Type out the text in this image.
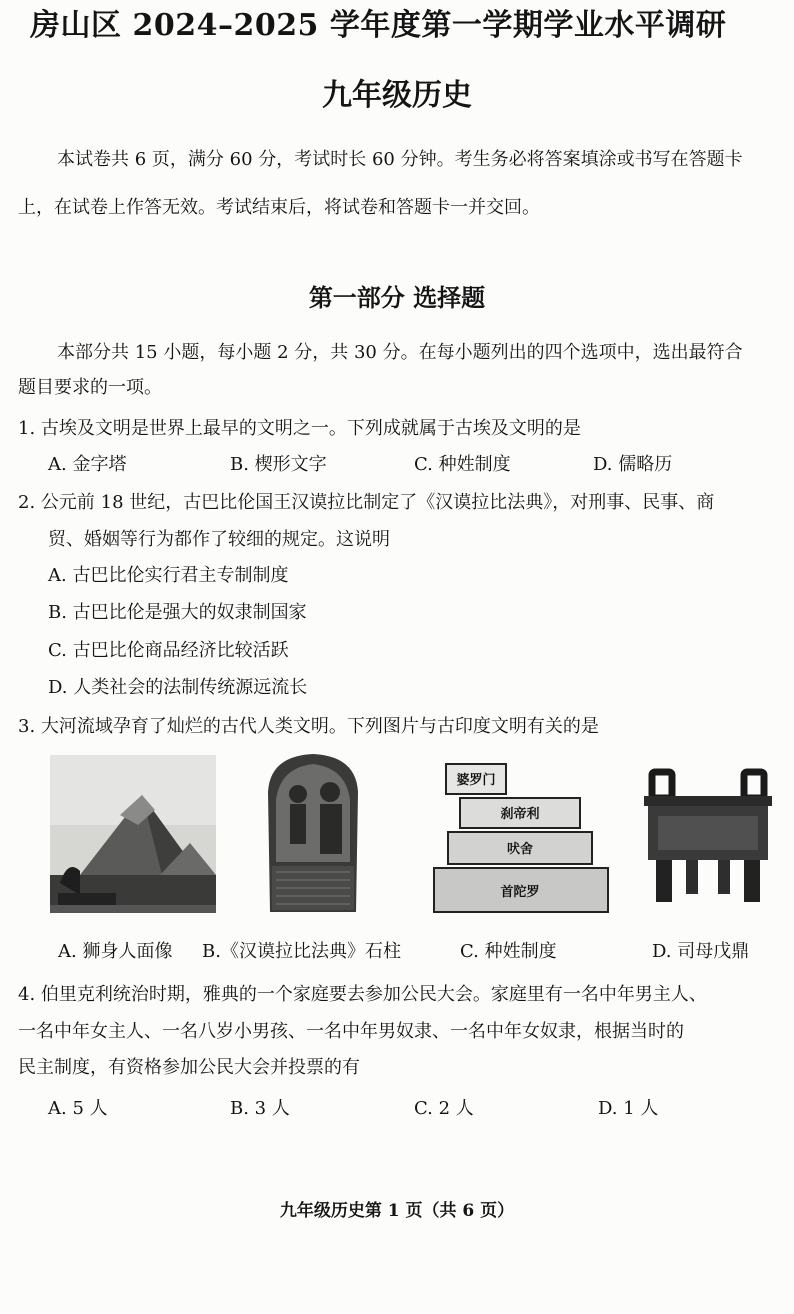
房山区 2024–2025 学年度第一学期学业水平调研
九年级历史
本试卷共 6 页，满分 60 分，考试时长 60 分钟。考生务必将答案填涂或书写在答题卡
上，在试卷上作答无效。考试结束后，将试卷和答题卡一并交回。
第一部分 选择题
本部分共 15 小题，每小题 2 分，共 30 分。在每小题列出的四个选项中，选出最符合
题目要求的一项。
1. 古埃及文明是世界上最早的文明之一。下列成就属于古埃及文明的是
A. 金字塔	B. 楔形文字	C. 种姓制度	D. 儒略历
2. 公元前 18 世纪，古巴比伦国王汉谟拉比制定了《汉谟拉比法典》，对刑事、民事、商
贸、婚姻等行为都作了较细的规定。这说明
A. 古巴比伦实行君主专制制度
B. 古巴比伦是强大的奴隶制国家
C. 古巴比伦商品经济比较活跃
D. 人类社会的法制传统源远流长
3. 大河流域孕育了灿烂的古代人类文明。下列图片与古印度文明有关的是
婆罗门
刹帝利
吠舍
首陀罗
A. 狮身人面像 B.《汉谟拉比法典》石柱	C. 种姓制度	D. 司母戊鼎
4. 伯里克利统治时期，雅典的一个家庭要去参加公民大会。家庭里有一名中年男主人、
一名中年女主人、一名八岁小男孩、一名中年男奴隶、一名中年女奴隶，根据当时的
民主制度，有资格参加公民大会并投票的有
A. 5 人	B. 3 人	C. 2 人	D. 1 人
九年级历史第 1 页（共 6 页）
